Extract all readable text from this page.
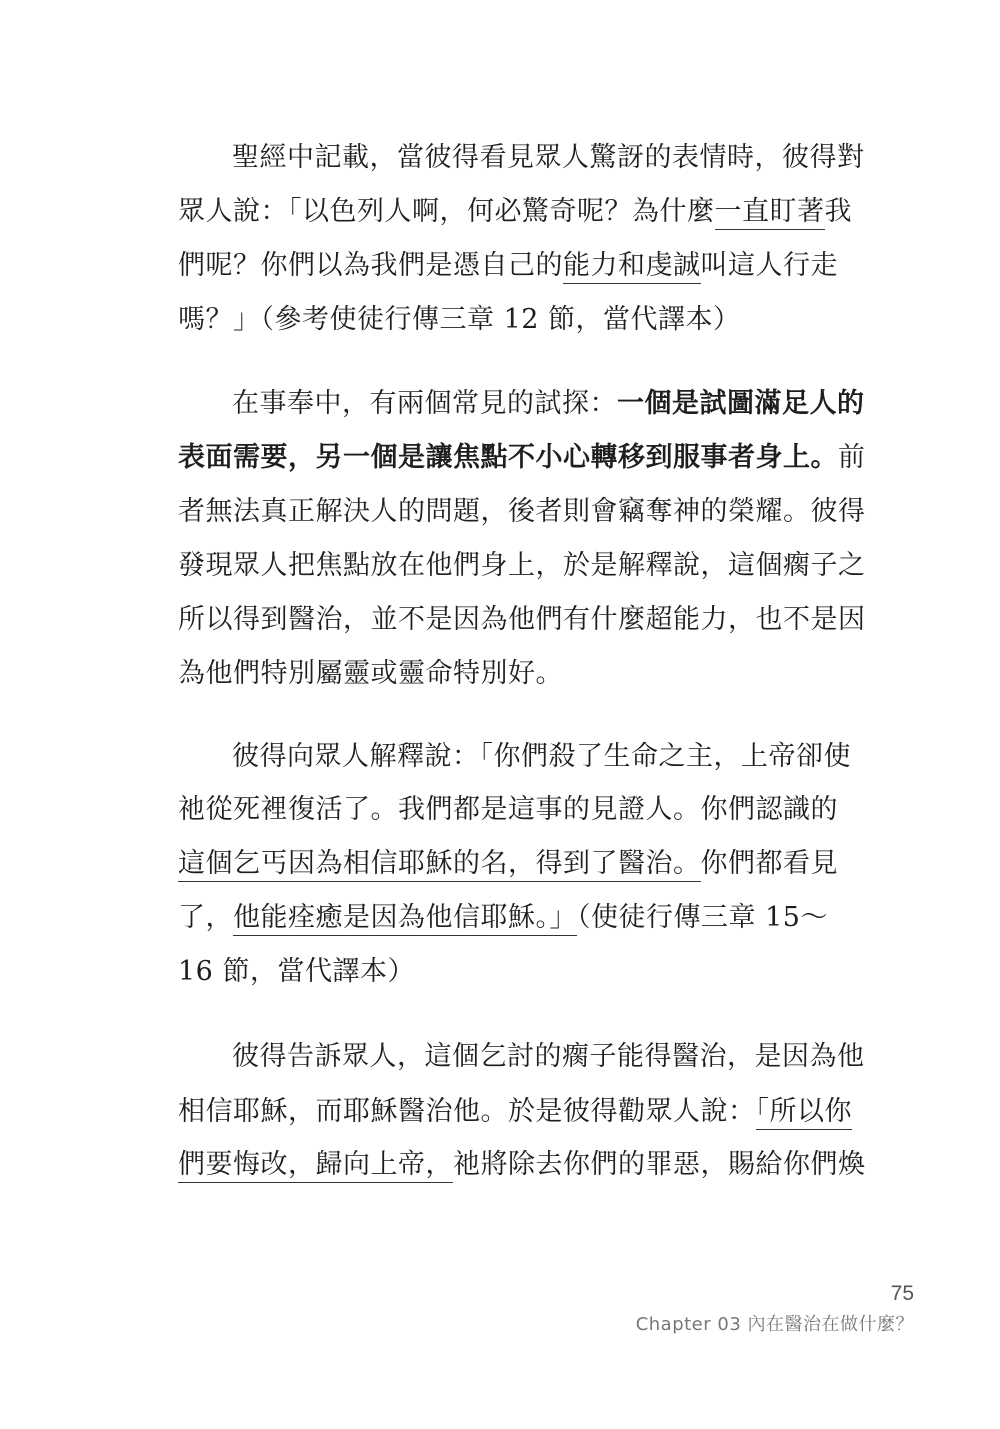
聖經中記載，當彼得看見眾人驚訝的表情時，彼得對
眾人說：「以色列人啊，何必驚奇呢？為什麼一直盯著我
們呢？你們以為我們是憑自己的能力和虔誠叫這人行走
嗎？」（參考使徒行傳三章 12 節，當代譯本）
在事奉中，有兩個常見的試探：一個是試圖滿足人的
表面需要，另一個是讓焦點不小心轉移到服事者身上。前
者無法真正解決人的問題，後者則會竊奪神的榮耀。彼得
發現眾人把焦點放在他們身上，於是解釋說，這個瘸子之
所以得到醫治，並不是因為他們有什麼超能力，也不是因
為他們特別屬靈或靈命特別好。
彼得向眾人解釋說：「你們殺了生命之主，上帝卻使
祂從死裡復活了。我們都是這事的見證人。你們認識的
這個乞丐因為相信耶穌的名，得到了醫治。你們都看見
了，他能痊癒是因為他信耶穌。」（使徒行傳三章 15～
16 節，當代譯本）
彼得告訴眾人，這個乞討的瘸子能得醫治，是因為他
相信耶穌，而耶穌醫治他。於是彼得勸眾人說：「所以你
們要悔改，歸向上帝，祂將除去你們的罪惡，賜給你們煥
75
Chapter 03 內在醫治在做什麼？
